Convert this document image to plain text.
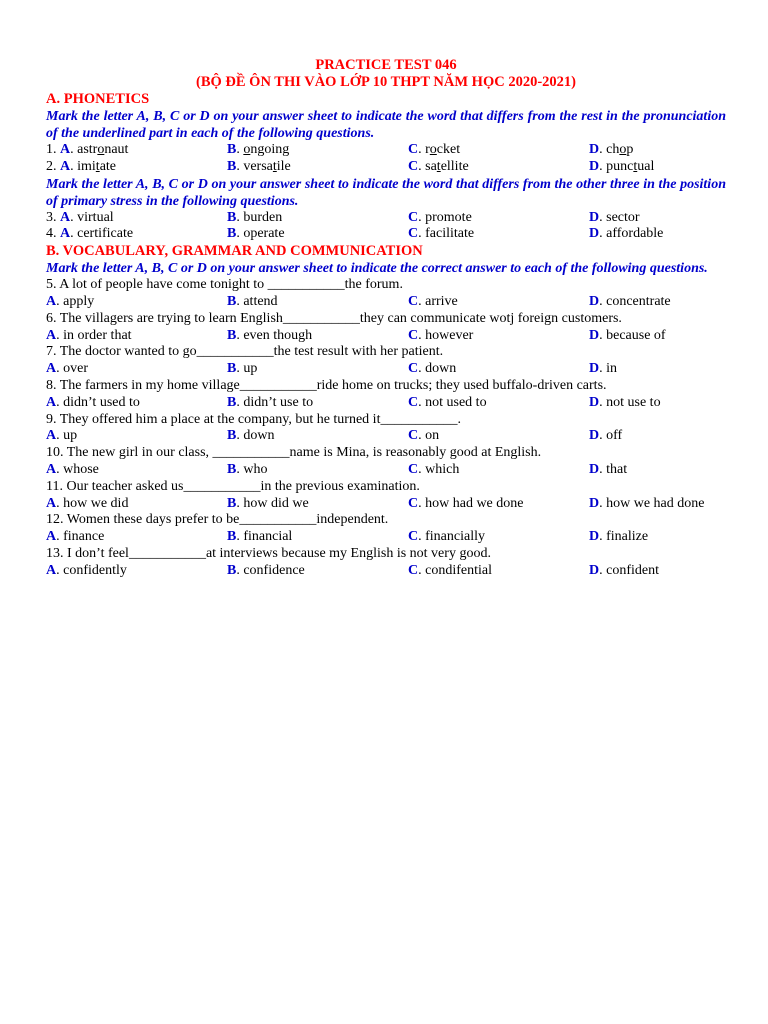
PRACTICE TEST 046
(BỘ ĐỀ ÔN THI VÀO LỚP 10 THPT NĂM HỌC 2020-2021)
A. PHONETICS
Mark the letter A, B, C or D on your answer sheet to indicate the word that differs from the rest in the pronunciation of the underlined part in each of the following questions.
1. A. astronaut	B. ongoing	C. rocket	D. chop
2. A. imitate	B. versatile	C. satellite	D. punctual
Mark the letter A, B, C or D on your answer sheet to indicate the word that differs from the other three in the position of primary stress in the following questions.
3. A. virtual	B. burden	C. promote	D. sector
4. A. certificate	B. operate	C. facilitate	D. affordable
B. VOCABULARY, GRAMMAR AND COMMUNICATION
Mark the letter A, B, C or D on your answer sheet to indicate the correct answer to each of the following questions.
5. A lot of people have come tonight to ___________the forum.
A. apply	B. attend	C. arrive	D. concentrate
6. The villagers are trying to learn English___________they can communicate wotj foreign customers.
A. in order that	B. even though	C. however	D. because of
7. The doctor wanted to go___________the test result with her patient.
A. over	B. up	C. down	D. in
8. The farmers in my home village___________ride home on trucks; they used buffalo-driven carts.
A. didn’t used to	B. didn’t use to	C. not used to	D. not use to
9. They offered him a place at the company, but he turned it___________.
A. up	B. down	C. on	D. off
10. The new girl in our class, ___________name is Mina, is reasonably good at English.
A. whose	B. who	C. which	D. that
11. Our teacher asked us___________in the previous examination.
A. how we did	B. how did we	C. how had we done	D. how we had done
12. Women these days prefer to be___________independent.
A. finance	B. financial	C. financially	D. finalize
13. I don’t feel___________at interviews because my English is not very good.
A. confidently	B. confidence	C. condifential	D. confident
